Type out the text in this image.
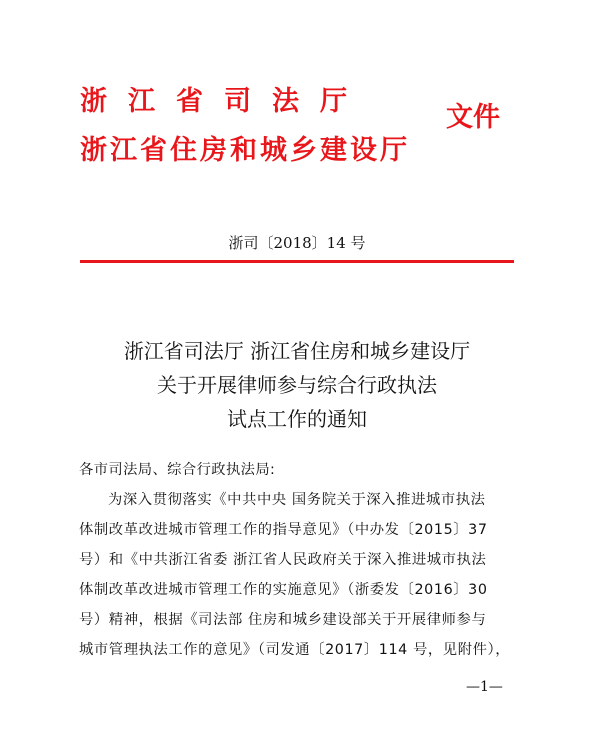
浙江省司法厅
浙江省住房和城乡建设厅
文件
浙司〔2018〕14 号
浙江省司法厅 浙江省住房和城乡建设厅
关于开展律师参与综合行政执法
试点工作的通知
各市司法局、综合行政执法局:
为深入贯彻落实《中共中央 国务院关于深入推进城市执法
体制改革改进城市管理工作的指导意见》（中办发〔2015〕37
号）和《中共浙江省委 浙江省人民政府关于深入推进城市执法
体制改革改进城市管理工作的实施意见》（浙委发〔2016〕30
号）精神，根据《司法部 住房和城乡建设部关于开展律师参与
城市管理执法工作的意见》（司发通〔2017〕114 号，见附件），
—1—
